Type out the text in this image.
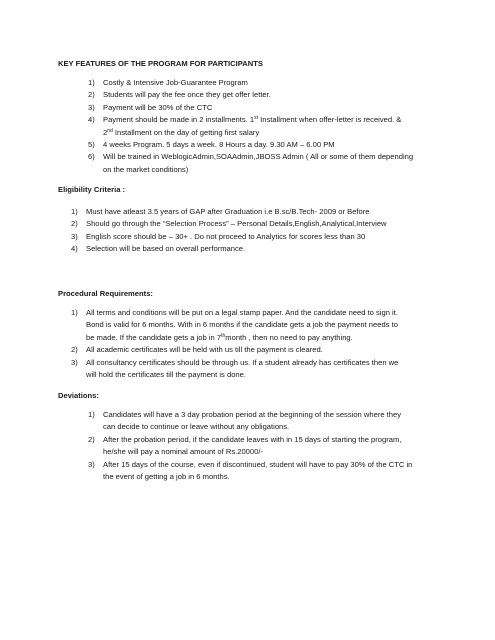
KEY FEATURES OF THE PROGRAM FOR PARTICIPANTS
1) Costly & Intensive Job-Guarantee Program
2) Students will pay the fee once they get offer letter.
3) Payment will be 30% of the CTC
4) Payment should be made in 2 installments. 1st Installment when offer-letter is received. &
2nd Installment on the day of getting first salary
5) 4 weeks Program. 5 days a week. 8 Hours a day. 9.30 AM – 6.00 PM
6) Will be trained in WeblogicAdmin,SOAAdmin,JBOSS Admin ( All or some of them depending
on the market conditions)
Eligibility Criteria :
1) Must have atleast 3.5 years of GAP after Graduation i.e B.sc/B.Tech- 2009 or Before
2) Should go through the “Selection Process” – Personal Details,English,Analytical,Interview
3) English score should be – 30+ . Do not proceed to Analytics for scores less than 30
4) Selection will be based on overall performance.
Procedural Requirements:
1) All terms and conditions will be put on a legal stamp paper. And the candidate need to sign it.
Bond is valid for 6 months. With in 6 months if the candidate gets a job the payment needs to
be made. If the candidate gets a job in 7thmonth , then no need to pay anything.
2) All academic certificates will be held with us till the payment is cleared.
3) All consultancy certificates should be through us. If a student already has certificates then we
will hold the certificates till the payment is done.
Deviations:
1) Candidates will have a 3 day probation period at the beginning of the session where they
can decide to continue or leave without any obligations.
2) After the probation period, if the candidate leaves with in 15 days of starting the program,
he/she will pay a nominal amount of Rs.20000/-
3) After 15 days of the course, even if discontinued, student will have to pay 30% of the CTC in
the event of getting a job in 6 months.
